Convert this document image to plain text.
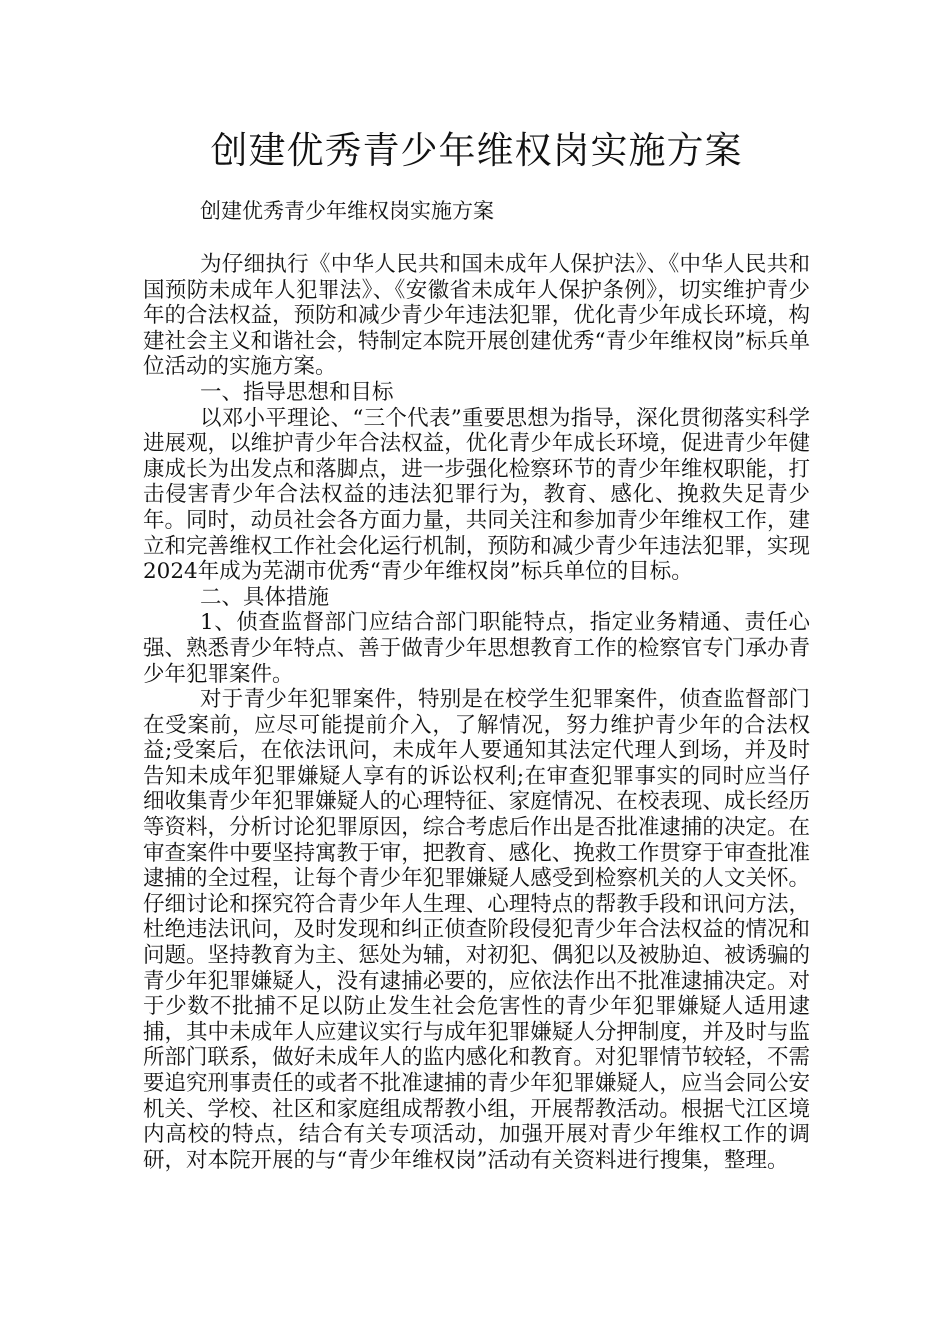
创建优秀青少年维权岗实施方案

创建优秀青少年维权岗实施方案

为仔细执行《中华人民共和国未成年人保护法》、《中华人民共和国预防未成年人犯罪法》、《安徽省未成年人保护条例》，切实维护青少年的合法权益，预防和减少青少年违法犯罪，优化青少年成长环境，构建社会主义和谐社会，特制定本院开展创建优秀“青少年维权岗”标兵单位活动的实施方案。

一、指导思想和目标

以邓小平理论、“三个代表”重要思想为指导，深化贯彻落实科学进展观，以维护青少年合法权益，优化青少年成长环境，促进青少年健康成长为出发点和落脚点，进一步强化检察环节的青少年维权职能，打击侵害青少年合法权益的违法犯罪行为，教育、感化、挽救失足青少年。同时，动员社会各方面力量，共同关注和参加青少年维权工作，建立和完善维权工作社会化运行机制，预防和减少青少年违法犯罪，实现2024年成为芜湖市优秀“青少年维权岗”标兵单位的目标。

二、具体措施

1、侦查监督部门应结合部门职能特点，指定业务精通、责任心强、熟悉青少年特点、善于做青少年思想教育工作的检察官专门承办青少年犯罪案件。

对于青少年犯罪案件，特别是在校学生犯罪案件，侦查监督部门在受案前，应尽可能提前介入，了解情况，努力维护青少年的合法权益;受案后，在依法讯问，未成年人要通知其法定代理人到场，并及时告知未成年犯罪嫌疑人享有的诉讼权利;在审查犯罪事实的同时应当仔细收集青少年犯罪嫌疑人的心理特征、家庭情况、在校表现、成长经历等资料，分析讨论犯罪原因，综合考虑后作出是否批准逮捕的决定。在审查案件中要坚持寓教于审，把教育、感化、挽救工作贯穿于审查批准逮捕的全过程，让每个青少年犯罪嫌疑人感受到检察机关的人文关怀。仔细讨论和探究符合青少年人生理、心理特点的帮教手段和讯问方法，杜绝违法讯问，及时发现和纠正侦查阶段侵犯青少年合法权益的情况和问题。坚持教育为主、惩处为辅，对初犯、偶犯以及被胁迫、被诱骗的青少年犯罪嫌疑人，没有逮捕必要的，应依法作出不批准逮捕决定。对于少数不批捕不足以防止发生社会危害性的青少年犯罪嫌疑人适用逮捕，其中未成年人应建议实行与成年犯罪嫌疑人分押制度，并及时与监所部门联系，做好未成年人的监内感化和教育。对犯罪情节较轻，不需要追究刑事责任的或者不批准逮捕的青少年犯罪嫌疑人，应当会同公安机关、学校、社区和家庭组成帮教小组，开展帮教活动。根据弋江区境内高校的特点，结合有关专项活动，加强开展对青少年维权工作的调研，对本院开展的与“青少年维权岗”活动有关资料进行搜集，整理。
